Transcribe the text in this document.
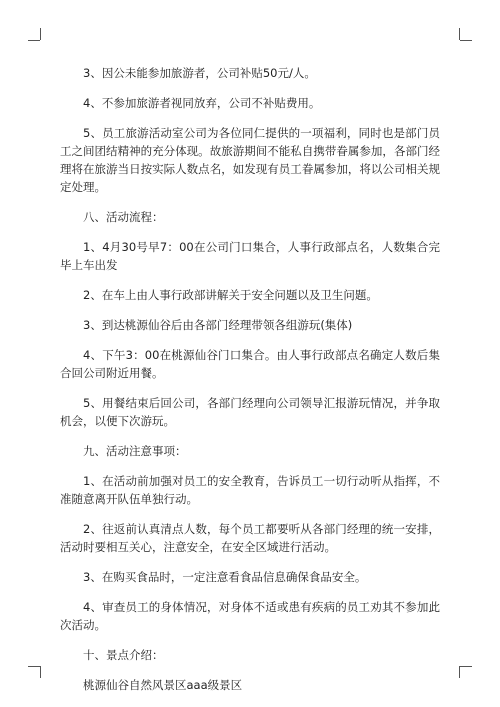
3、因公未能参加旅游者，公司补贴50元/人。

4、不参加旅游者视同放弃，公司不补贴费用。

5、员工旅游活动室公司为各位同仁提供的一项福利，同时也是部门员工之间团结精神的充分体现。故旅游期间不能私自携带眷属参加，各部门经理将在旅游当日按实际人数点名，如发现有员工眷属参加，将以公司相关规定处理。

八、活动流程：

1、4月30号早7：00在公司门口集合，人事行政部点名，人数集合完毕上车出发

2、在车上由人事行政部讲解关于安全问题以及卫生问题。

3、到达桃源仙谷后由各部门经理带领各组游玩(集体)

4、下午3：00在桃源仙谷门口集合。由人事行政部点名确定人数后集合回公司附近用餐。

5、用餐结束后回公司，各部门经理向公司领导汇报游玩情况，并争取机会，以便下次游玩。

九、活动注意事项：

1、在活动前加强对员工的安全教育，告诉员工一切行动听从指挥，不准随意离开队伍单独行动。

2、往返前认真清点人数，每个员工都要听从各部门经理的统一安排，活动时要相互关心，注意安全，在安全区域进行活动。

3、在购买食品时，一定注意看食品信息确保食品安全。

4、审查员工的身体情况，对身体不适或患有疾病的员工劝其不参加此次活动。

十、景点介绍：

桃源仙谷自然风景区aaa级景区
